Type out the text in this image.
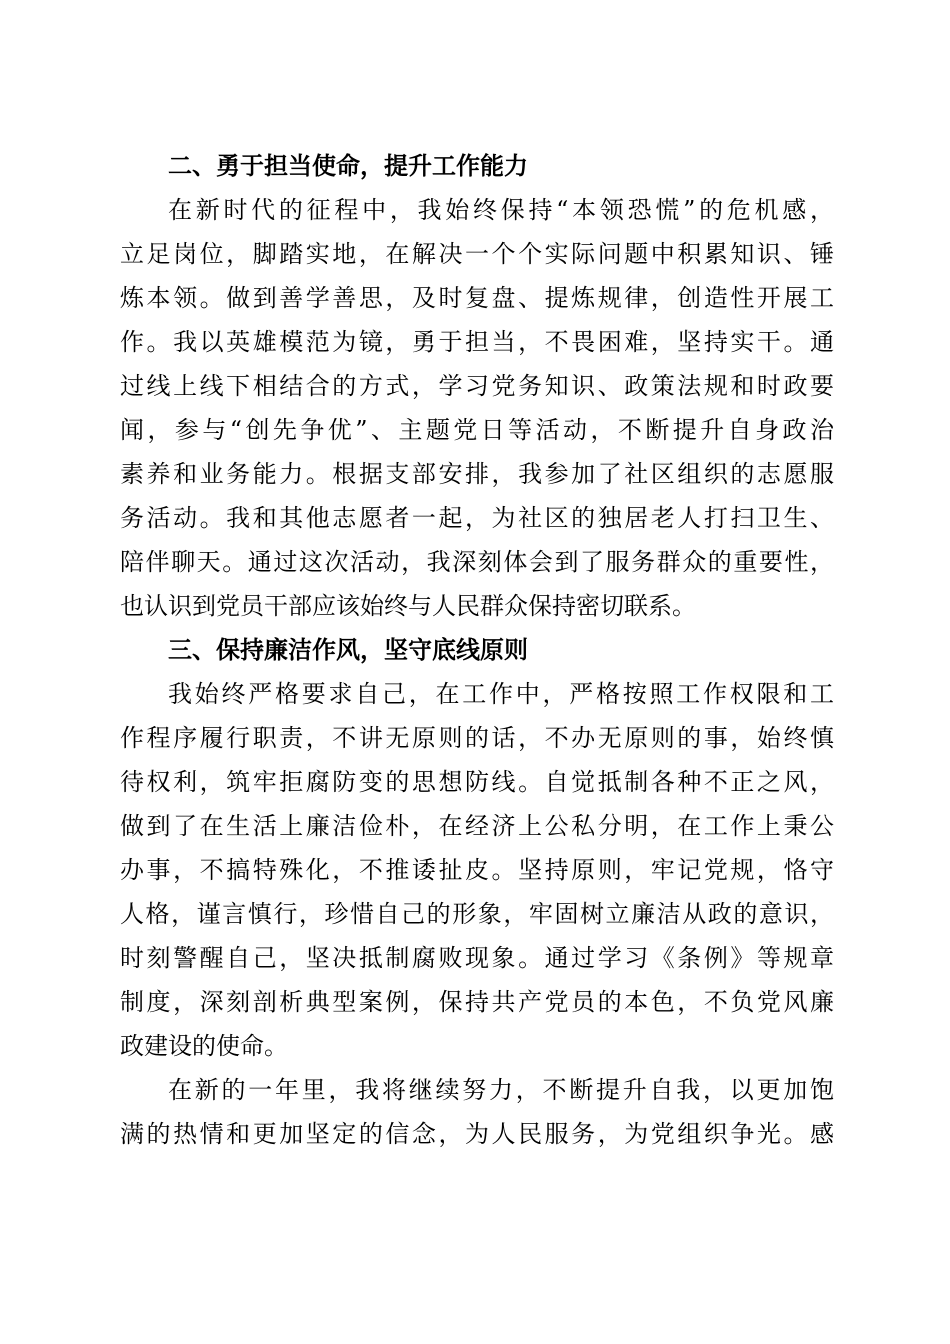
二、勇于担当使命，提升工作能力

在新时代的征程中，我始终保持“本领恐慌”的危机感，
立足岗位，脚踏实地，在解决一个个实际问题中积累知识、锤
炼本领。做到善学善思，及时复盘、提炼规律，创造性开展工
作。我以英雄模范为镜，勇于担当，不畏困难，坚持实干。通
过线上线下相结合的方式，学习党务知识、政策法规和时政要
闻，参与“创先争优”、主题党日等活动，不断提升自身政治
素养和业务能力。根据支部安排，我参加了社区组织的志愿服
务活动。我和其他志愿者一起，为社区的独居老人打扫卫生、
陪伴聊天。通过这次活动，我深刻体会到了服务群众的重要性，
也认识到党员干部应该始终与人民群众保持密切联系。

三、保持廉洁作风，坚守底线原则

我始终严格要求自己，在工作中，严格按照工作权限和工
作程序履行职责，不讲无原则的话，不办无原则的事，始终慎
待权利，筑牢拒腐防变的思想防线。自觉抵制各种不正之风，
做到了在生活上廉洁俭朴，在经济上公私分明，在工作上秉公
办事，不搞特殊化，不推诿扯皮。坚持原则，牢记党规，恪守
人格，谨言慎行，珍惜自己的形象，牢固树立廉洁从政的意识，
时刻警醒自己，坚决抵制腐败现象。通过学习《条例》等规章
制度，深刻剖析典型案例，保持共产党员的本色，不负党风廉
政建设的使命。

在新的一年里，我将继续努力，不断提升自我，以更加饱
满的热情和更加坚定的信念，为人民服务，为党组织争光。感
